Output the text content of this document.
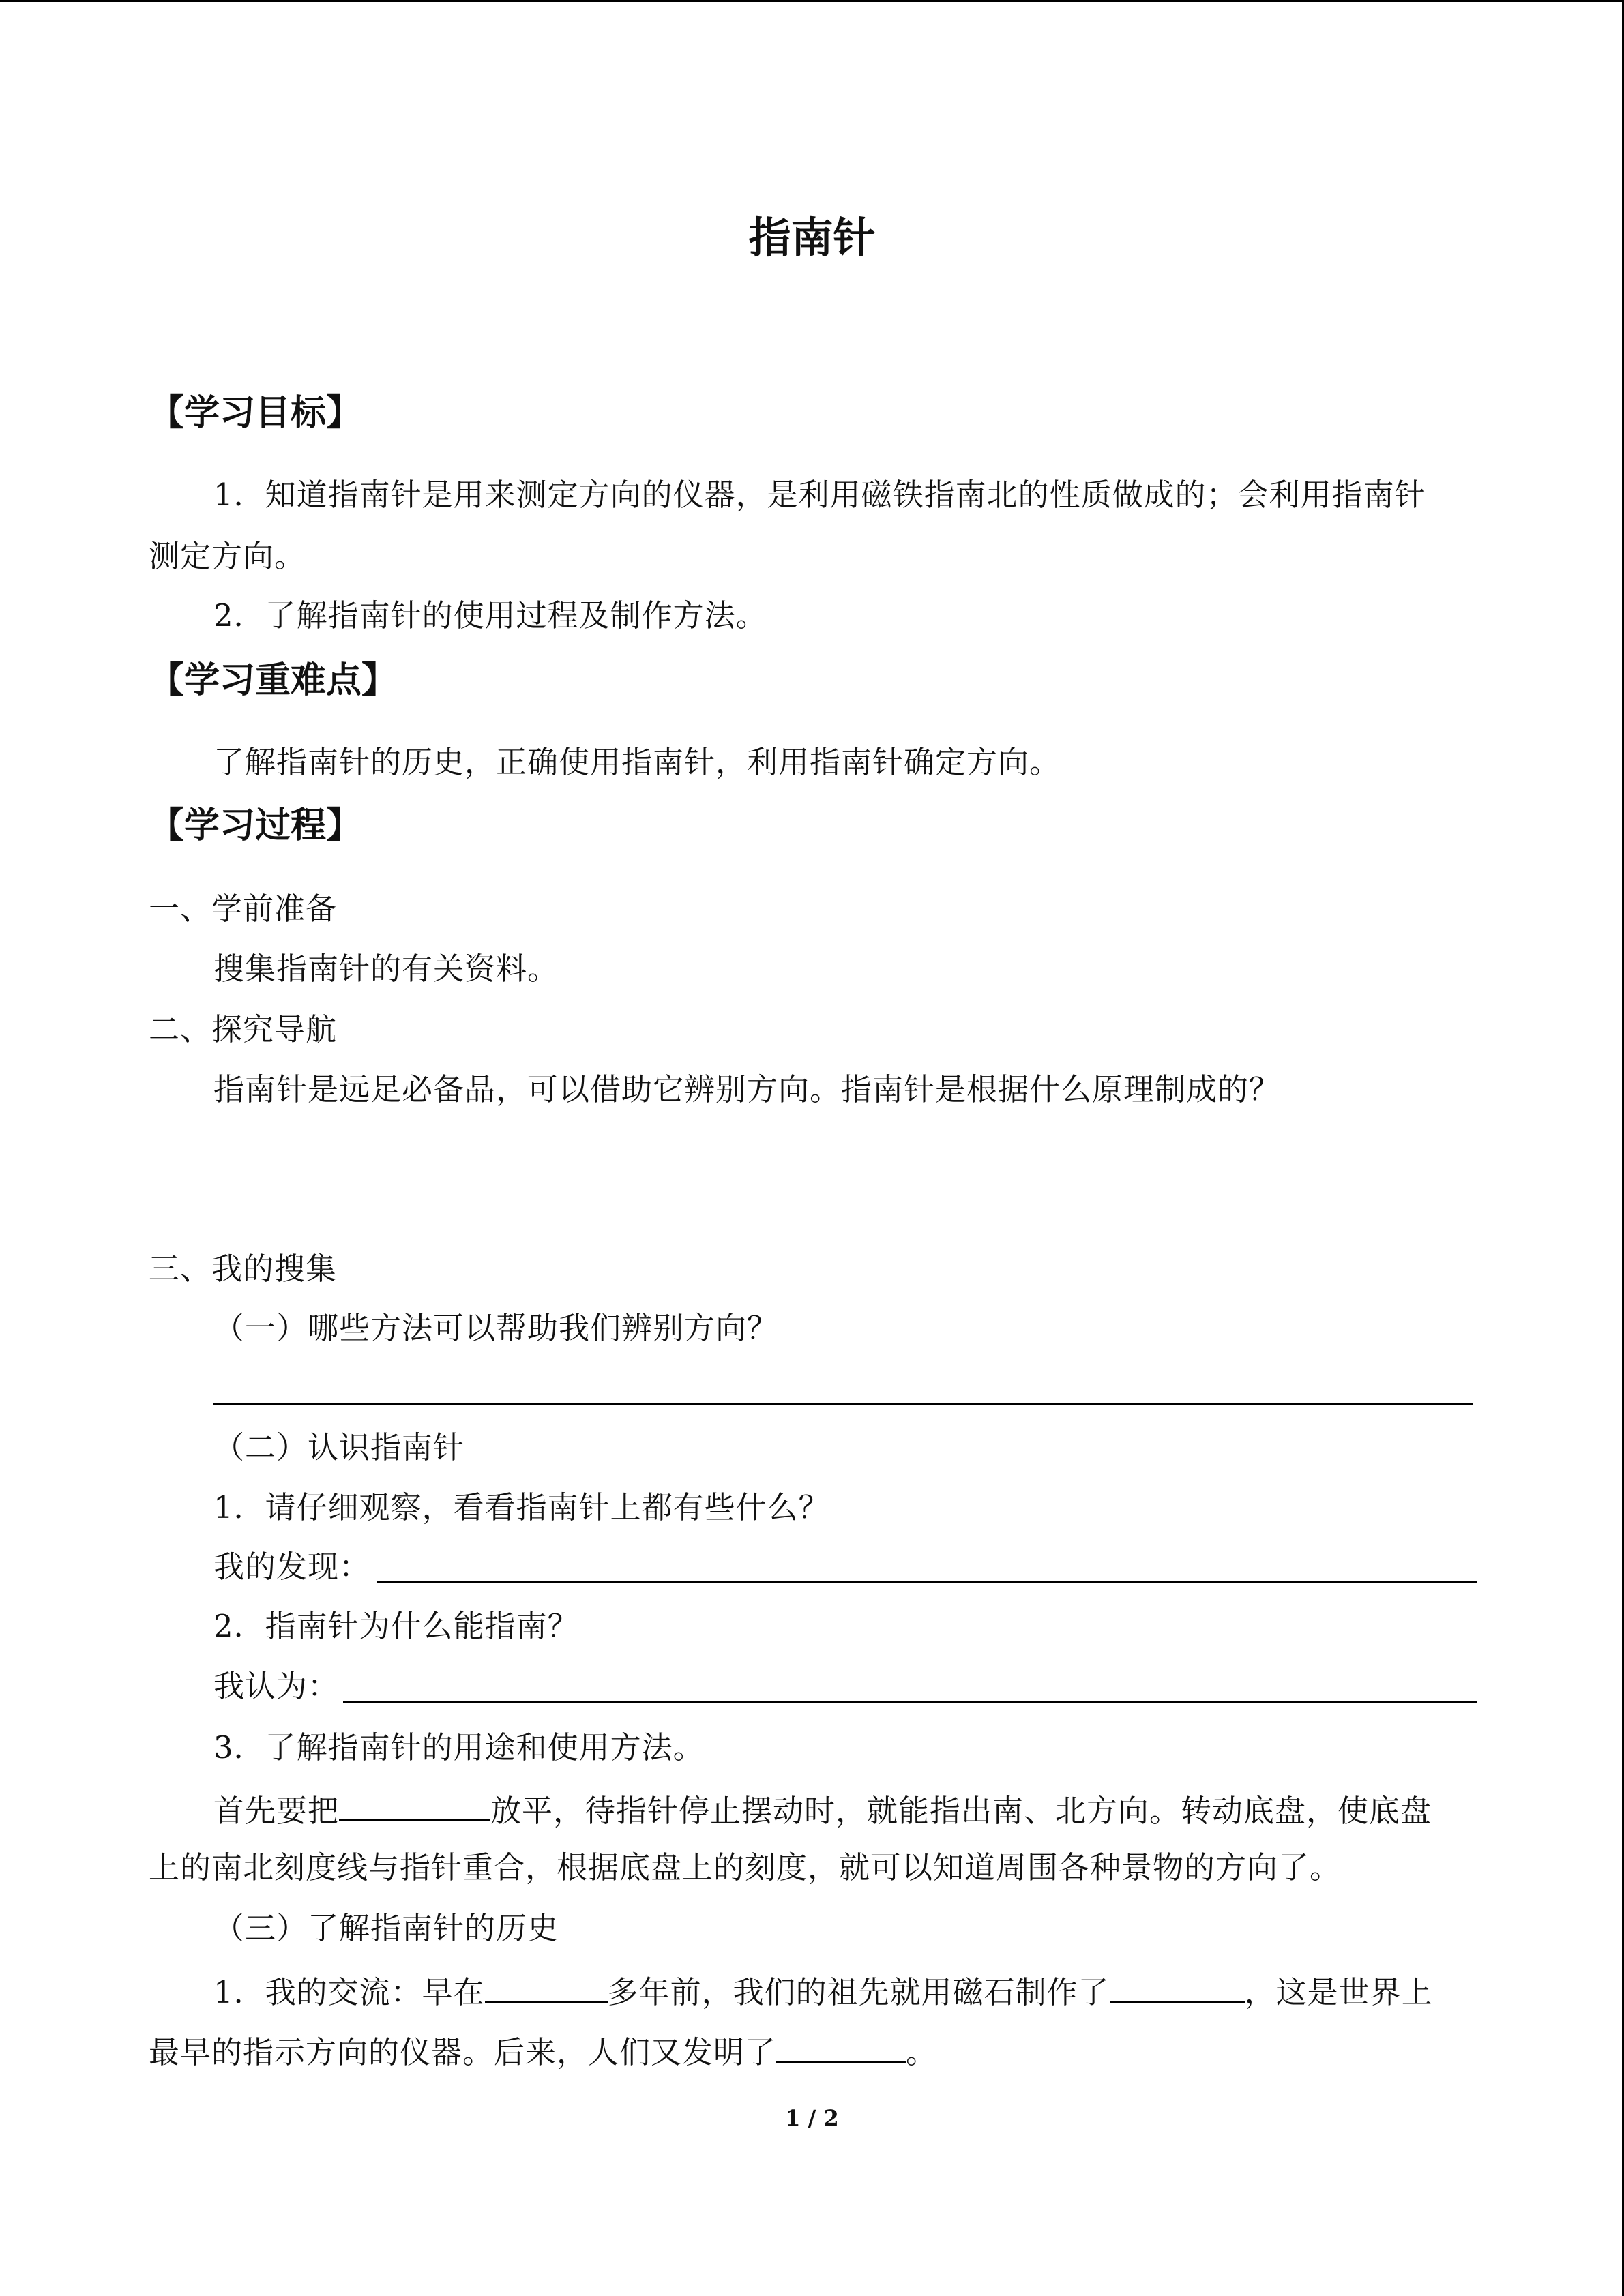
指南针
【学习目标】
1．知道指南针是用来测定方向的仪器，是利用磁铁指南北的性质做成的；会利用指南针
测定方向。
2．了解指南针的使用过程及制作方法。
【学习重难点】
了解指南针的历史，正确使用指南针，利用指南针确定方向。
【学习过程】
一、学前准备
搜集指南针的有关资料。
二、探究导航
指南针是远足必备品，可以借助它辨别方向。指南针是根据什么原理制成的？
三、我的搜集
（一）哪些方法可以帮助我们辨别方向？
（二）认识指南针
1．请仔细观察，看看指南针上都有些什么？
我的发现：
2．指南针为什么能指南？
我认为：
3．了解指南针的用途和使用方法。
首先要把	放平，待指针停止摆动时，就能指出南、北方向。转动底盘，使底盘
上的南北刻度线与指针重合，根据底盘上的刻度，就可以知道周围各种景物的方向了。
（三）了解指南针的历史
1．我的交流：早在	多年前，我们的祖先就用磁石制作了	，这是世界上
最早的指示方向的仪器。后来，人们又发明了	。
1 / 2
